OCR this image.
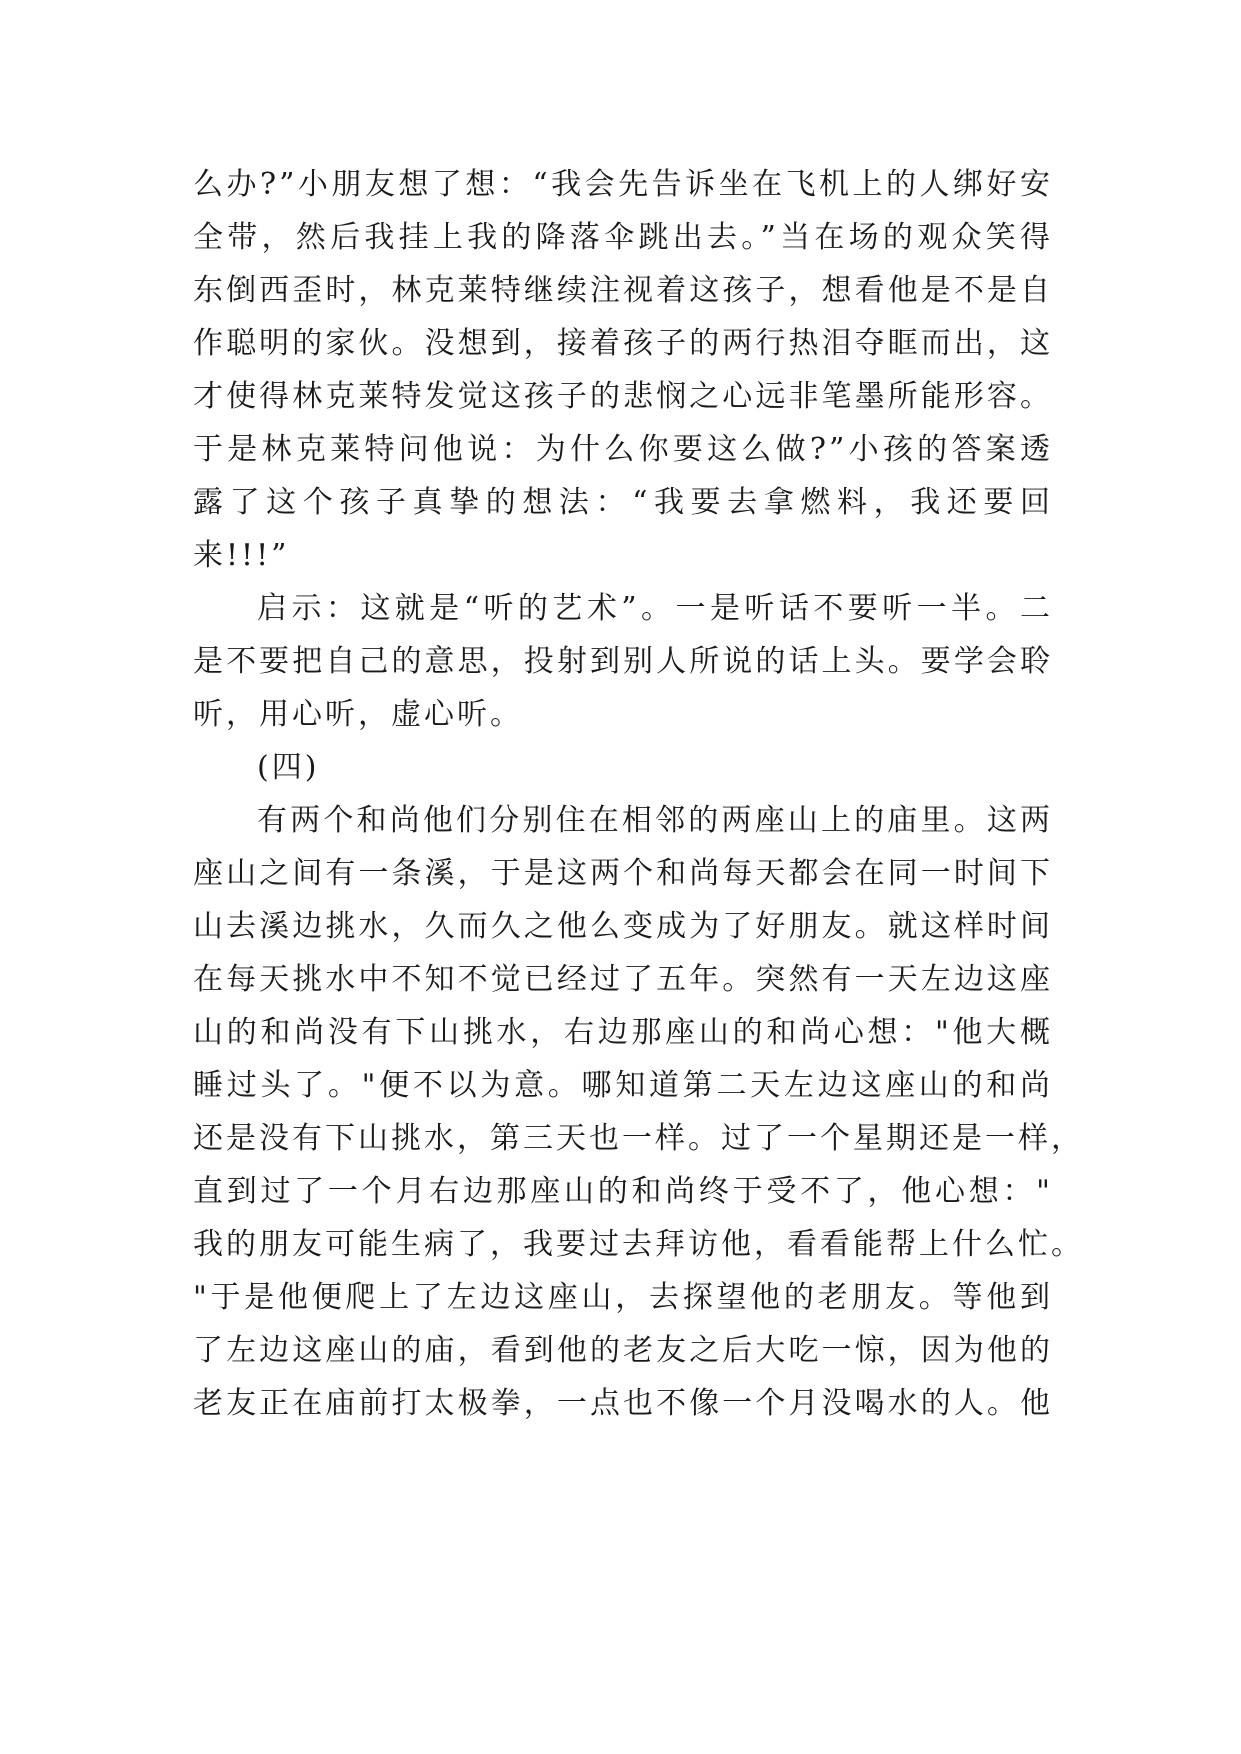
么办?”小朋友想了想：“我会先告诉坐在飞机上的人绑好安
全带，然后我挂上我的降落伞跳出去。”当在场的观众笑得
东倒西歪时，林克莱特继续注视着这孩子，想看他是不是自
作聪明的家伙。没想到，接着孩子的两行热泪夺眶而出，这
才使得林克莱特发觉这孩子的悲悯之心远非笔墨所能形容。
于是林克莱特问他说：为什么你要这么做?”小孩的答案透
露了这个孩子真挚的想法：“我要去拿燃料，我还要回
来!!!”
启示：这就是“听的艺术”。一是听话不要听一半。二
是不要把自己的意思，投射到别人所说的话上头。要学会聆
听，用心听，虚心听。
(四)
有两个和尚他们分别住在相邻的两座山上的庙里。这两
座山之间有一条溪，于是这两个和尚每天都会在同一时间下
山去溪边挑水，久而久之他么变成为了好朋友。就这样时间
在每天挑水中不知不觉已经过了五年。突然有一天左边这座
山的和尚没有下山挑水，右边那座山的和尚心想："他大概
睡过头了。"便不以为意。哪知道第二天左边这座山的和尚
还是没有下山挑水，第三天也一样。过了一个星期还是一样，
直到过了一个月右边那座山的和尚终于受不了，他心想："
我的朋友可能生病了，我要过去拜访他，看看能帮上什么忙。
"于是他便爬上了左边这座山，去探望他的老朋友。等他到
了左边这座山的庙，看到他的老友之后大吃一惊，因为他的
老友正在庙前打太极拳，一点也不像一个月没喝水的人。他
